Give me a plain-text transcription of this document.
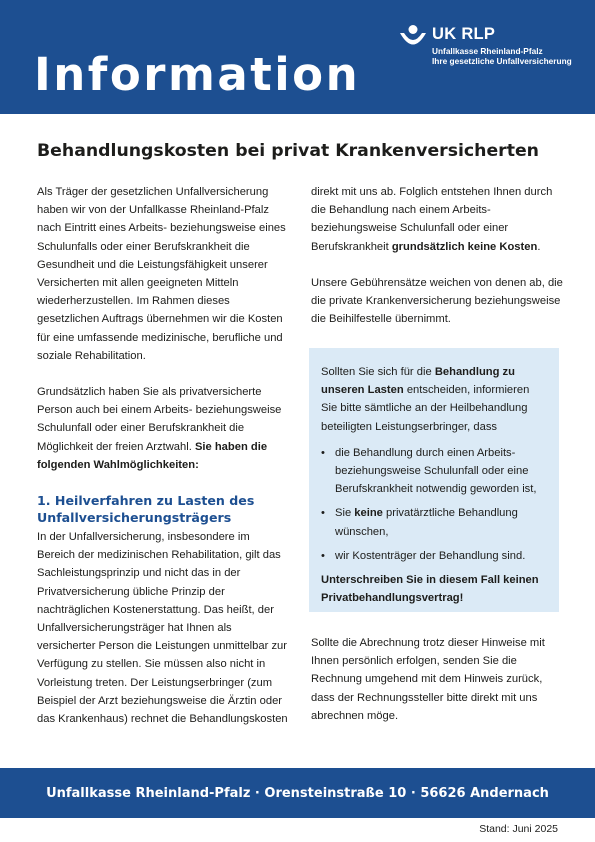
Information
UK RLP
Unfallkasse Rheinland-Pfalz
Ihre gesetzliche Unfallversicherung
Behandlungskosten bei privat Krankenversicherten

Als Träger der gesetzlichen Unfallversicherung haben wir von der Unfallkasse Rheinland-Pfalz nach Eintritt eines Arbeits- beziehungsweise eines Schulunfalls oder einer Berufskrankheit die Gesundheit und die Leistungsfähigkeit unserer Versicherten mit allen geeigneten Mitteln wiederherzustellen. Im Rahmen dieses gesetzlichen Auftrags übernehmen wir die Kosten für eine umfassende medizinische, berufliche und soziale Rehabilitation.

Grundsätzlich haben Sie als privatversicherte Person auch bei einem Arbeits- beziehungsweise Schulunfall oder einer Berufskrankheit die Möglichkeit der freien Arztwahl. Sie haben die folgenden Wahlmöglichkeiten:

1. Heilverfahren zu Lasten des Unfallversicherungsträgers

In der Unfallversicherung, insbesondere im Bereich der medizinischen Rehabilitation, gilt das Sachleistungsprinzip und nicht das in der Privatversicherung übliche Prinzip der nachträglichen Kostenerstattung. Das heißt, der Unfallversicherungsträger hat Ihnen als versicherter Person die Leistungen unmittelbar zur Verfügung zu stellen. Sie müssen also nicht in Vorleistung treten. Der Leistungserbringer (zum Beispiel der Arzt beziehungsweise die Ärztin oder das Krankenhaus) rechnet die Behandlungskosten

direkt mit uns ab. Folglich entstehen Ihnen durch die Behandlung nach einem Arbeits- beziehungsweise Schulunfall oder einer Berufskrankheit grundsätzlich keine Kosten.

Unsere Gebührensätze weichen von denen ab, die die private Krankenversicherung beziehungsweise die Beihilfestelle übernimmt.

Sollten Sie sich für die Behandlung zu unseren Lasten entscheiden, informieren Sie bitte sämtliche an der Heilbehandlung beteiligten Leistungserbringer, dass

• die Behandlung durch einen Arbeits- beziehungsweise Schulunfall oder eine Berufskrankheit notwendig geworden ist,
• Sie keine privatärztliche Behandlung wünschen,
• wir Kostenträger der Behandlung sind.

Unterschreiben Sie in diesem Fall keinen Privatbehandlungsvertrag!

Sollte die Abrechnung trotz dieser Hinweise mit Ihnen persönlich erfolgen, senden Sie die Rechnung umgehend mit dem Hinweis zurück, dass der Rechnungssteller bitte direkt mit uns abrechnen möge.

Unfallkasse Rheinland-Pfalz · Orensteinstraße 10 · 56626 Andernach
Stand: Juni 2025
